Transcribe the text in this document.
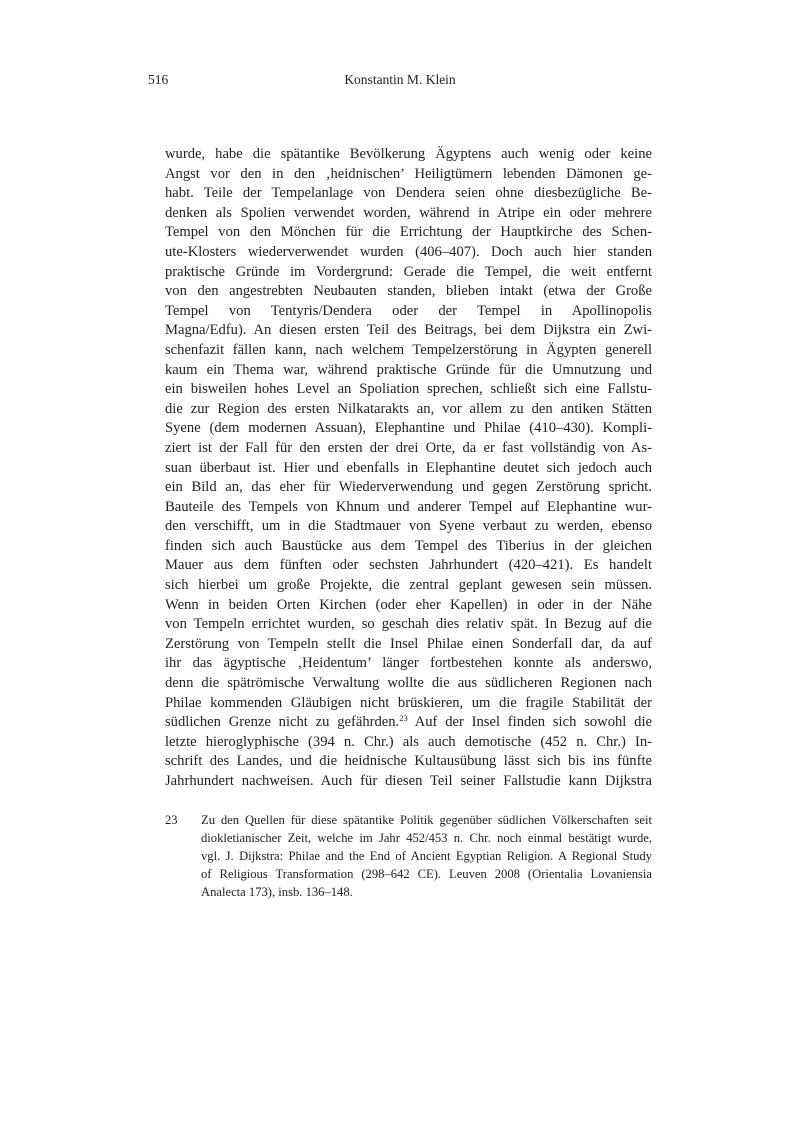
516	Konstantin M. Klein
wurde, habe die spätantike Bevölkerung Ägyptens auch wenig oder keine
Angst vor den in den ‚heidnischen’ Heiligtümern lebenden Dämonen ge-
habt. Teile der Tempelanlage von Dendera seien ohne diesbezügliche Be-
denken als Spolien verwendet worden, während in Atripe ein oder mehrere
Tempel von den Mönchen für die Errichtung der Hauptkirche des Schen-
ute-Klosters wiederverwendet wurden (406–407). Doch auch hier standen
praktische Gründe im Vordergrund: Gerade die Tempel, die weit entfernt
von den angestrebten Neubauten standen, blieben intakt (etwa der Große
Tempel von Tentyris/Dendera oder der Tempel in Apollinopolis
Magna/Edfu). An diesen ersten Teil des Beitrags, bei dem Dijkstra ein Zwi-
schenfazit fällen kann, nach welchem Tempelzerstörung in Ägypten generell
kaum ein Thema war, während praktische Gründe für die Umnutzung und
ein bisweilen hohes Level an Spoliation sprechen, schließt sich eine Fallstu-
die zur Region des ersten Nilkatarakts an, vor allem zu den antiken Stätten
Syene (dem modernen Assuan), Elephantine und Philae (410–430). Kompli-
ziert ist der Fall für den ersten der drei Orte, da er fast vollständig von As-
suan überbaut ist. Hier und ebenfalls in Elephantine deutet sich jedoch auch
ein Bild an, das eher für Wiederverwendung und gegen Zerstörung spricht.
Bauteile des Tempels von Khnum und anderer Tempel auf Elephantine wur-
den verschifft, um in die Stadtmauer von Syene verbaut zu werden, ebenso
finden sich auch Baustücke aus dem Tempel des Tiberius in der gleichen
Mauer aus dem fünften oder sechsten Jahrhundert (420–421). Es handelt
sich hierbei um große Projekte, die zentral geplant gewesen sein müssen.
Wenn in beiden Orten Kirchen (oder eher Kapellen) in oder in der Nähe
von Tempeln errichtet wurden, so geschah dies relativ spät. In Bezug auf die
Zerstörung von Tempeln stellt die Insel Philae einen Sonderfall dar, da auf
ihr das ägyptische ‚Heidentum’ länger fortbestehen konnte als anderswo,
denn die spätrömische Verwaltung wollte die aus südlicheren Regionen nach
Philae kommenden Gläubigen nicht brüskieren, um die fragile Stabilität der
südlichen Grenze nicht zu gefährden.$^{23}$ Auf der Insel finden sich sowohl die
letzte hieroglyphische (394 n. Chr.) als auch demotische (452 n. Chr.) In-
schrift des Landes, und die heidnische Kultausübung lässt sich bis ins fünfte
Jahrhundert nachweisen. Auch für diesen Teil seiner Fallstudie kann Dijkstra
23 Zu den Quellen für diese spätantike Politik gegenüber südlichen Völkerschaften seit
diokletianischer Zeit, welche im Jahr 452/453 n. Chr. noch einmal bestätigt wurde,
vgl. J. Dijkstra: Philae and the End of Ancient Egyptian Religion. A Regional Study
of Religious Transformation (298–642 CE). Leuven 2008 (Orientalia Lovaniensia
Analecta 173), insb. 136–148.
